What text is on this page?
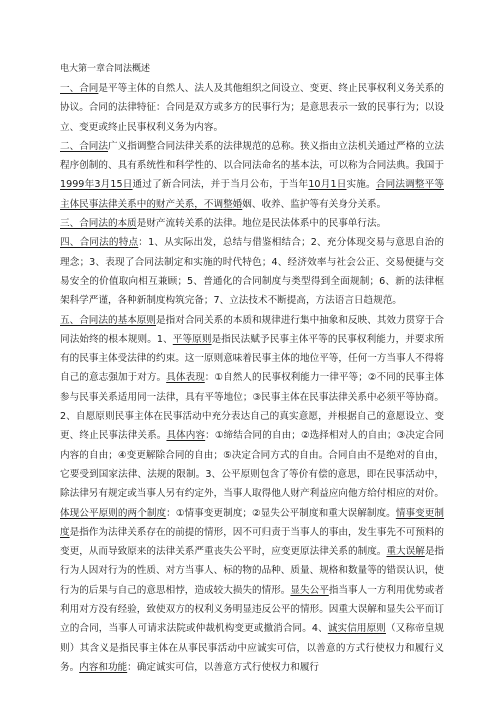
电大第一章合同法概述

一、合同是平等主体的自然人、法人及其他组织之间设立、变更、终止民事权利义务关系的协议。合同的法律特征：合同是双方或多方的民事行为；是意思表示一致的民事行为；以设立、变更或终止民事权利义务为内容。

二、合同法广义指调整合同法律关系的法律规范的总称。狭义指由立法机关通过严格的立法程序创制的、具有系统性和科学性的、以合同法命名的基本法，可以称为合同法典。我国于1999年3月15日通过了新合同法，并于当月公布，于当年10月1日实施。合同法调整平等主体民事法律关系中的财产关系，不调整婚姻、收养、监护等有关身分关系。

三、合同法的本质是财产流转关系的法律。地位是民法体系中的民事单行法。

四、合同法的特点：1、从实际出发，总结与借鉴相结合；2、充分体现交易与意思自治的理念；3、表现了合同法制定和实施的时代特色；4、经济效率与社会公正、交易便捷与交易安全的价值取向相互兼顾；5、普通化的合同制度与类型得到全面规制；6、新的法律框架科学严谨，各种新制度构筑完备；7、立法技术不断提高，方法语言日趋规范。

五、合同法的基本原则是指对合同关系的本质和规律进行集中抽象和反映、其效力贯穿于合同法始终的根本规则。1、平等原则是指民法赋予民事主体平等的民事权利能力，并要求所有的民事主体受法律的约束。这一原则意味着民事主体的地位平等，任何一方当事人不得将自己的意志强加于对方。具体表现：①自然人的民事权利能力一律平等；②不同的民事主体参与民事关系适用同一法律，具有平等地位；③民事主体在民事法律关系中必须平等协商。2、自愿原则民事主体在民事活动中充分表达自己的真实意愿，并根据自己的意愿设立、变更、终止民事法律关系。具体内容：①缔结合同的自由；②选择相对人的自由；③决定合同内容的自由；④变更解除合同的自由；⑤决定合同方式的自由。合同自由不是绝对的自由，它要受到国家法律、法规的限制。3、公平原则包含了等价有偿的意思，即在民事活动中，除法律另有规定或当事人另有约定外，当事人取得他人财产利益应向他方给付相应的对价。体现公平原则的两个制度：①情事变更制度；②显失公平制度和重大误解制度。情事变更制度是指作为法律关系存在的前提的情形，因不可归责于当事人的事由，发生事先不可预料的变更，从而导致原来的法律关系严重丧失公平时，应变更原法律关系的制度。重大误解是指行为人因对行为的性质、对方当事人、标的物的品种、质量、规格和数量等的错误认识，使行为的后果与自己的意思相悖，造成较大损失的情形。显失公平指当事人一方利用优势或者利用对方没有经验，致使双方的权利义务明显违反公平的情形。因重大误解和显失公平而订立的合同，当事人可请求法院或仲裁机构变更或撤消合同。4、诚实信用原则（又称帝皇规则）其含义是指民事主体在从事民事活动中应诚实可信，以善意的方式行使权力和履行义务。内容和功能：确定诚实可信，以善意方式行使权力和履行
